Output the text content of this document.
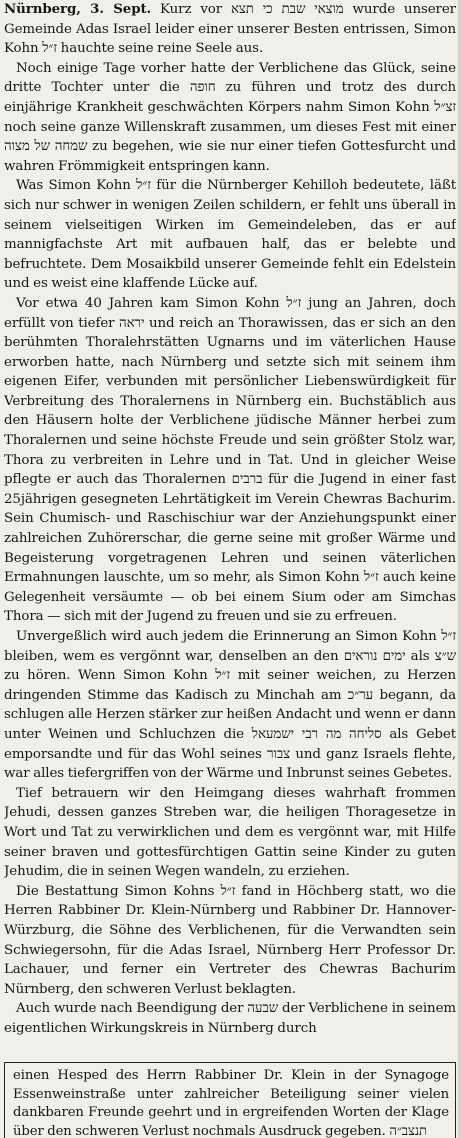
Nürnberg, 3. Sept. Kurz vor מוצאי שבת כי תצא wurde unserer Gemeinde Adas Israel leider einer unserer Besten entrissen, Simon Kohn ז״ל hauchte seine reine Seele aus.

Noch einige Tage vorher hatte der Verblichene das Glück, seine dritte Tochter unter die חופה zu führen und trotz des durch einjährige Krankheit geschwächten Körpers nahm Simon Kohn זצ״ל noch seine ganze Willenskraft zusammen, um dieses Fest mit einer שמחה של מצוה zu begehen, wie sie nur einer tiefen Gottesfurcht und wahren Frömmigkeit entspringen kann.

Was Simon Kohn ז״ל für die Nürnberger Kehilloh bedeutete, läßt sich nur schwer in wenigen Zeilen schildern, er fehlt uns überall in seinem vielseitigen Wirken im Gemeindeleben, das er auf mannigfachste Art mit aufbauen half, das er belebte und befruchtete. Dem Mosaikbild unserer Gemeinde fehlt ein Edelstein und es weist eine klaffende Lücke auf.

Vor etwa 40 Jahren kam Simon Kohn ז״ל jung an Jahren, doch erfüllt von tiefer יראה und reich an Thorawissen, das er sich an den berühmten Thoralehrstätten Ugnarns und im väterlichen Hause erworben hatte, nach Nürnberg und setzte sich mit seinem ihm eigenen Eifer, verbunden mit persönlicher Liebenswürdigkeit für Verbreitung des Thoralernens in Nürnberg ein. Buchstäblich aus den Häusern holte der Verblichene jüdische Männer herbei zum Thoralernen und seine höchste Freude und sein größter Stolz war, Thora zu verbreiten in Lehre und in Tat. Und in gleicher Weise pflegte er auch das Thoralernen ברבים für die Jugend in einer fast 25jährigen gesegneten Lehrtätigkeit im Verein Chewras Bachurim. Sein Chumisch- und Raschischiur war der Anziehungspunkt einer zahlreichen Zuhörerschar, die gerne seine mit großer Wärme und Begeisterung vorgetragenen Lehren und seinen väterlichen Ermahnungen lauschte, um so mehr, als Simon Kohn ז״ל auch keine Gelegenheit versäumte — ob bei einem Sium oder am Simchas Thora — sich mit der Jugend zu freuen und sie zu erfreuen.

Unvergeßlich wird auch jedem die Erinnerung an Simon Kohn ז״ל bleiben, wem es vergönnt war, denselben an den ימים נוראים als ש״צ zu hören. Wenn Simon Kohn ז״ל mit seiner weichen, zu Herzen dringenden Stimme das Kadisch zu Minchah am ער״כ begann, da schlugen alle Herzen stärker zur heißen Andacht und wenn er dann unter Weinen und Schluchzen die סליחה מה רבי ישמעאל als Gebet emporsandte und für das Wohl seines צבור und ganz Israels flehte, war alles tiefergriffen von der Wärme und Inbrunst seines Gebetes.

Tief betrauern wir den Heimgang dieses wahrhaft frommen Jehudi, dessen ganzes Streben war, die heiligen Thoragesetze in Wort und Tat zu verwirklichen und dem es vergönnt war, mit Hilfe seiner braven und gottesfürchtigen Gattin seine Kinder zu guten Jehudim, die in seinen Wegen wandeln, zu erziehen.

Die Bestattung Simon Kohns ז״ל fand in Höchberg statt, wo die Herren Rabbiner Dr. Klein-Nürnberg und Rabbiner Dr. Hannover-Würzburg, die Söhne des Verblichenen, für die Verwandten sein Schwiegersohn, für die Adas Israel, Nürnberg Herr Professor Dr. Lachauer, und ferner ein Vertreter des Chewras Bachurim Nürnberg, den schweren Verlust beklagten.

Auch wurde nach Beendigung der שבעה der Verblichene in seinem eigentlichen Wirkungskreis in Nürnberg durch

einen Hesped des Herrn Rabbiner Dr. Klein in der Synagoge Essenweinstraße unter zahlreicher Beteiligung seiner vielen dankbaren Freunde geehrt und in ergreifenden Worten der Klage über den schweren Verlust nochmals Ausdruck gegeben. תנצב״ה
